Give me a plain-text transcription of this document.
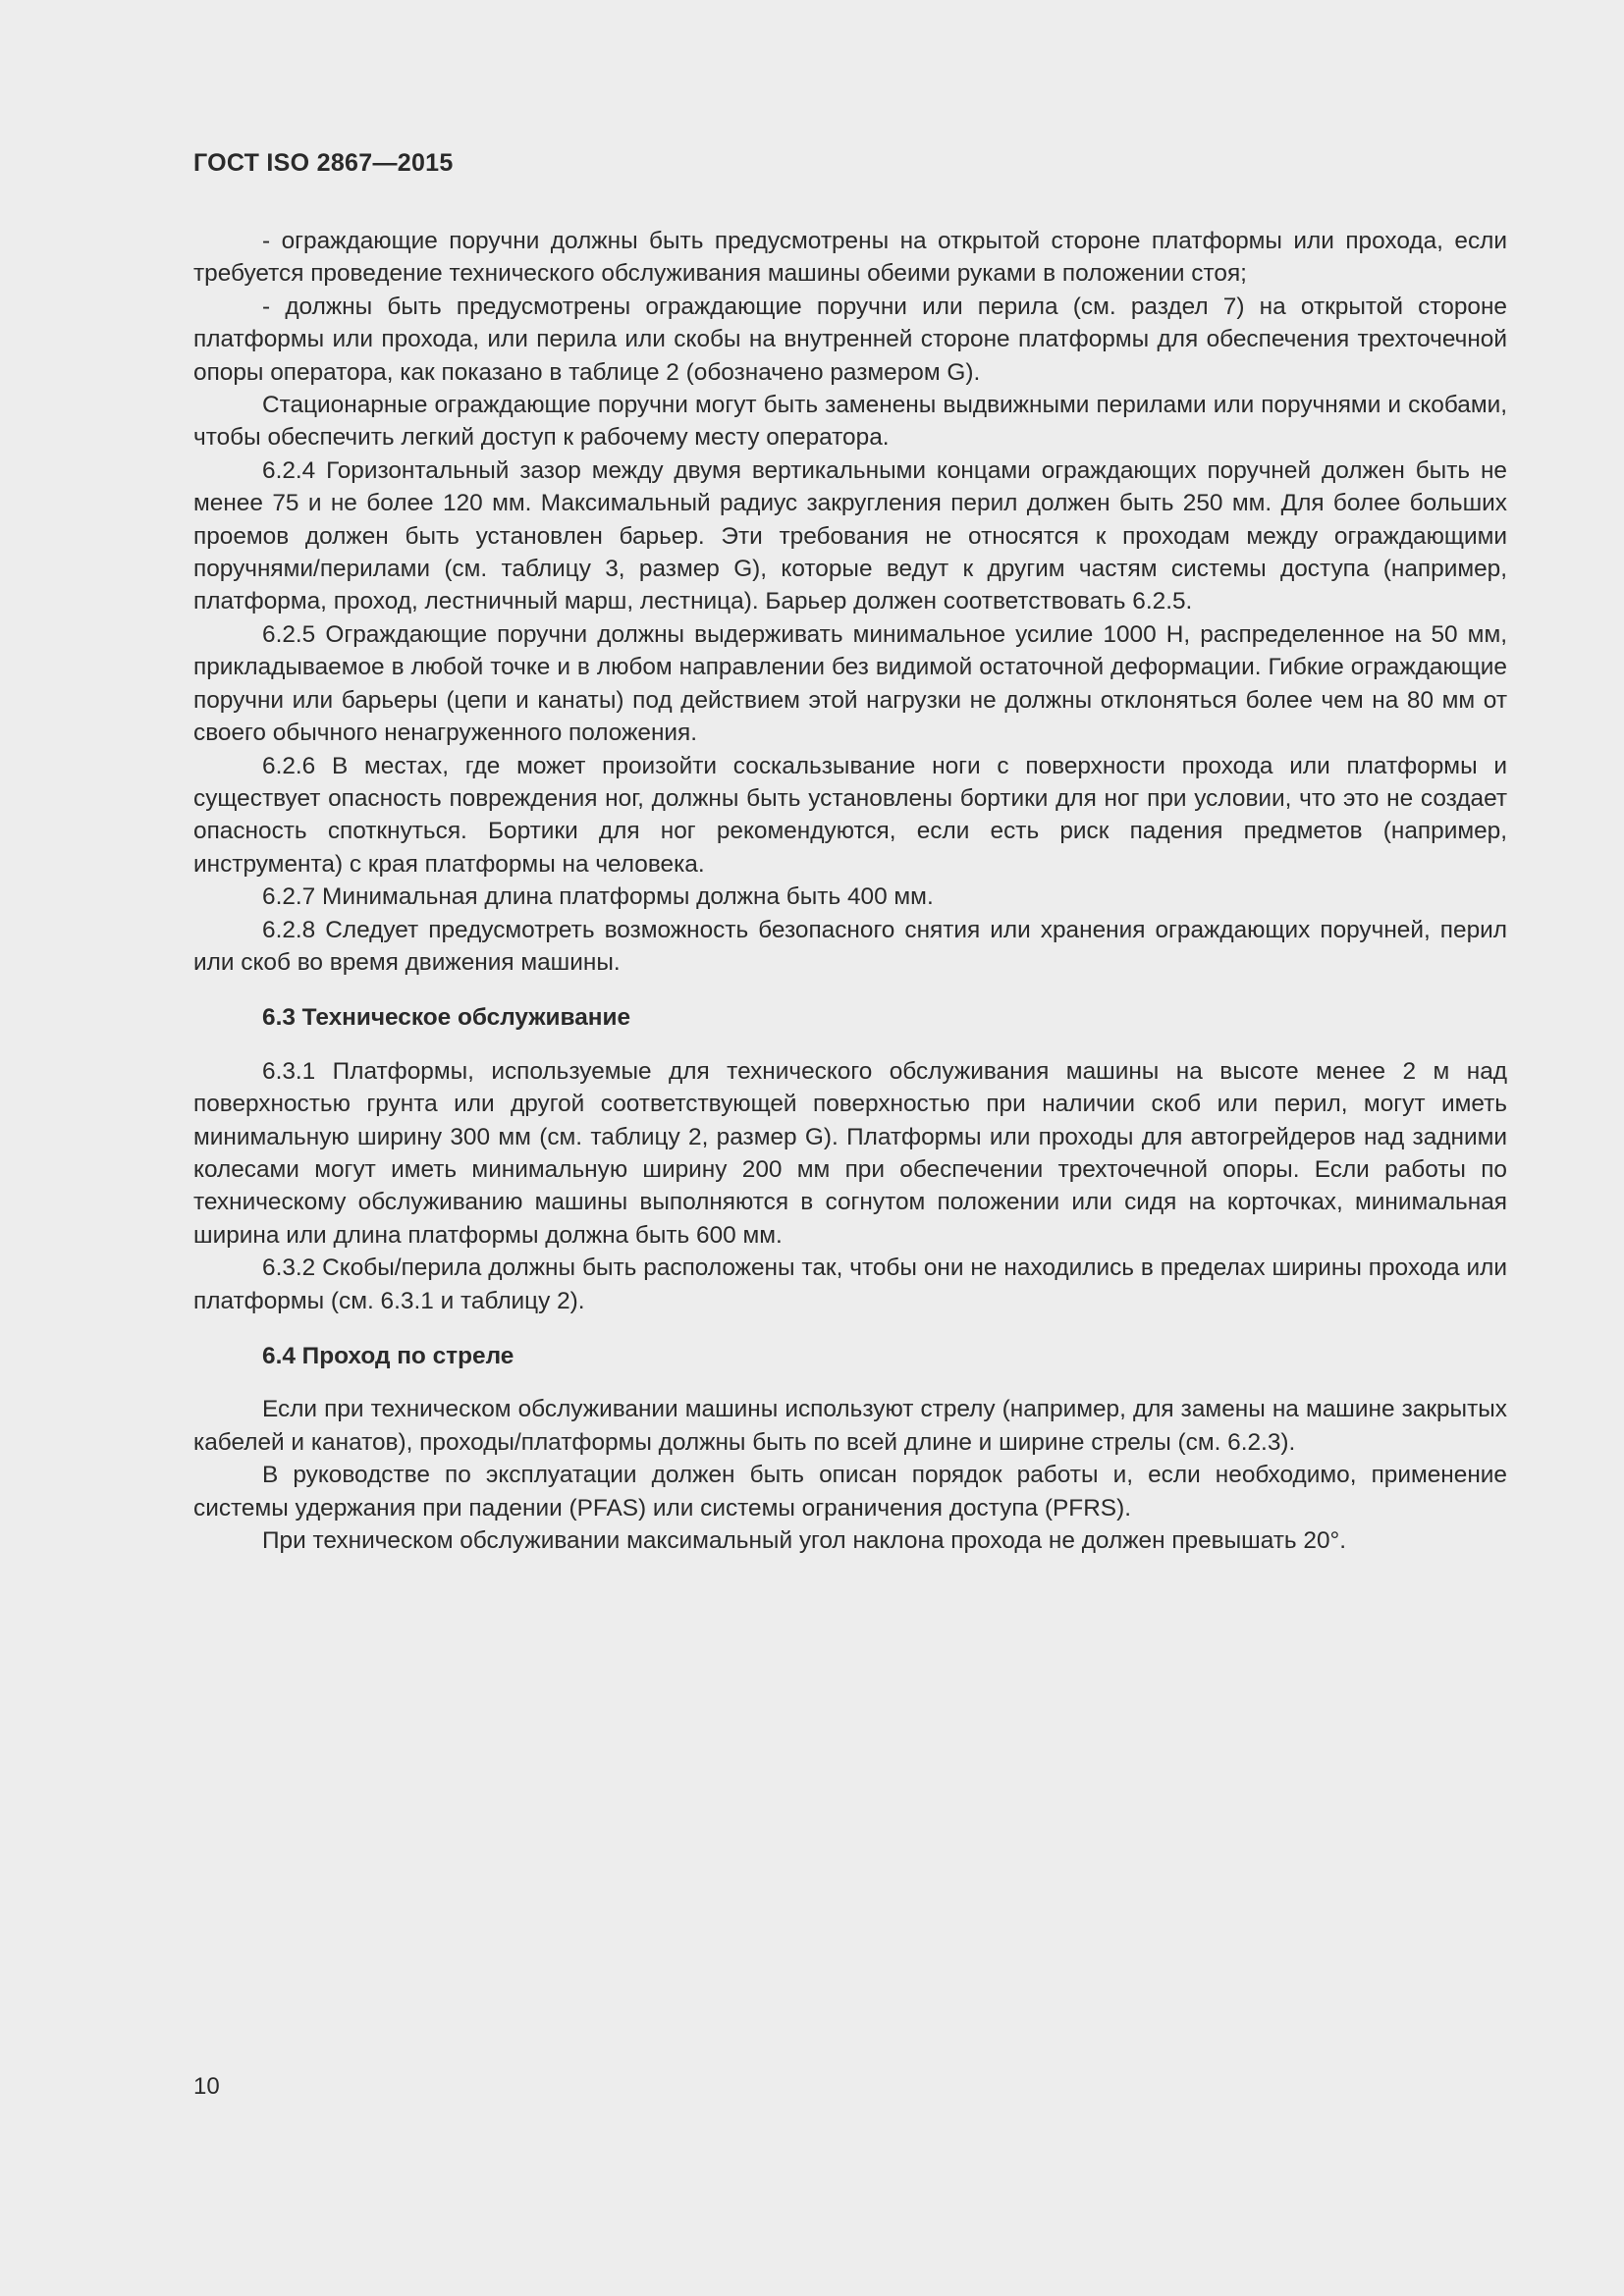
ГОСТ ISO 2867—2015

- ограждающие поручни должны быть предусмотрены на открытой стороне платформы или прохода, если требуется проведение технического обслуживания машины обеими руками в положении стоя;

- должны быть предусмотрены ограждающие поручни или перила (см. раздел 7) на открытой стороне платформы или прохода, или перила или скобы на внутренней стороне платформы для обеспечения трехточечной опоры оператора, как показано в таблице 2 (обозначено размером G).

Стационарные ограждающие поручни могут быть заменены выдвижными перилами или поручнями и скобами, чтобы обеспечить легкий доступ к рабочему месту оператора.

6.2.4 Горизонтальный зазор между двумя вертикальными концами ограждающих поручней должен быть не менее 75 и не более 120 мм. Максимальный радиус закругления перил должен быть 250 мм. Для более больших проемов должен быть установлен барьер. Эти требования не относятся к проходам между ограждающими поручнями/перилами (см. таблицу 3, размер G), которые ведут к другим частям системы доступа (например, платформа, проход, лестничный марш, лестница). Барьер должен соответствовать 6.2.5.

6.2.5 Ограждающие поручни должны выдерживать минимальное усилие 1000 Н, распределенное на 50 мм, прикладываемое в любой точке и в любом направлении без видимой остаточной деформации. Гибкие ограждающие поручни или барьеры (цепи и канаты) под действием этой нагрузки не должны отклоняться более чем на 80 мм от своего обычного ненагруженного положения.

6.2.6 В местах, где может произойти соскальзывание ноги с поверхности прохода или платформы и существует опасность повреждения ног, должны быть установлены бортики для ног при условии, что это не создает опасность споткнуться. Бортики для ног рекомендуются, если есть риск падения предметов (например, инструмента) с края платформы на человека.

6.2.7 Минимальная длина платформы должна быть 400 мм.

6.2.8 Следует предусмотреть возможность безопасного снятия или хранения ограждающих поручней, перил или скоб во время движения машины.

6.3 Техническое обслуживание

6.3.1 Платформы, используемые для технического обслуживания машины на высоте менее 2 м над поверхностью грунта или другой соответствующей поверхностью при наличии скоб или перил, могут иметь минимальную ширину 300 мм (см. таблицу 2, размер G). Платформы или проходы для автогрейдеров над задними колесами могут иметь минимальную ширину 200 мм при обеспечении трехточечной опоры. Если работы по техническому обслуживанию машины выполняются в согнутом положении или сидя на корточках, минимальная ширина или длина платформы должна быть 600 мм.

6.3.2 Скобы/перила должны быть расположены так, чтобы они не находились в пределах ширины прохода или платформы (см. 6.3.1 и таблицу 2).

6.4 Проход по стреле

Если при техническом обслуживании машины используют стрелу (например, для замены на машине закрытых кабелей и канатов), проходы/платформы должны быть по всей длине и ширине стрелы (см. 6.2.3).

В руководстве по эксплуатации должен быть описан порядок работы и, если необходимо, применение системы удержания при падении (PFAS) или системы ограничения доступа (PFRS).

При техническом обслуживании максимальный угол наклона прохода не должен превышать 20°.

10
